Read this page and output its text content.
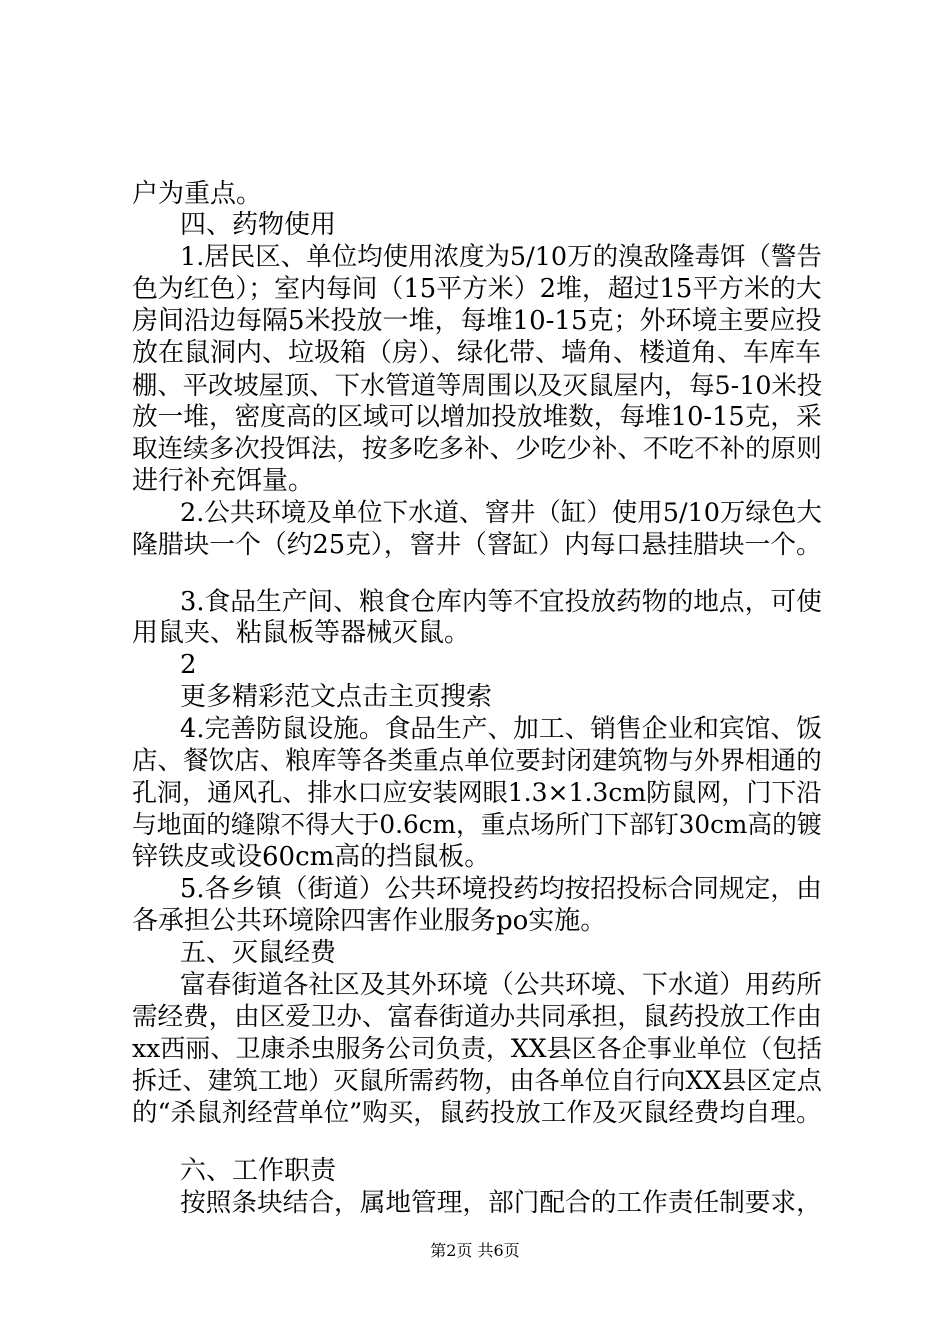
户为重点。
四、药物使用
1.居民区、单位均使用浓度为5/10万的溴敌隆毒饵（警告
色为红色）；室内每间（15平方米）2堆，超过15平方米的大
房间沿边每隔5米投放一堆，每堆10-15克；外环境主要应投
放在鼠洞内、垃圾箱（房）、绿化带、墙角、楼道角、车库车
棚、平改坡屋顶、下水管道等周围以及灭鼠屋内，每5-10米投
放一堆，密度高的区域可以增加投放堆数，每堆10-15克，采
取连续多次投饵法，按多吃多补、少吃少补、不吃不补的原则
进行补充饵量。
2.公共环境及单位下水道、窨井（缸）使用5/10万绿色大
隆腊块一个（约25克），窨井（窨缸）内每口悬挂腊块一个。
3.食品生产间、粮食仓库内等不宜投放药物的地点，可使
用鼠夹、粘鼠板等器械灭鼠。
2
更多精彩范文点击主页搜索
4.完善防鼠设施。食品生产、加工、销售企业和宾馆、饭
店、餐饮店、粮库等各类重点单位要封闭建筑物与外界相通的
孔洞，通风孔、排水口应安装网眼1.3×1.3cm防鼠网，门下沿
与地面的缝隙不得大于0.6cm，重点场所门下部钉30cm高的镀
锌铁皮或设60cm高的挡鼠板。
5.各乡镇（街道）公共环境投药均按招投标合同规定，由
各承担公共环境除四害作业服务po实施。
五、灭鼠经费
富春街道各社区及其外环境（公共环境、下水道）用药所
需经费，由区爱卫办、富春街道办共同承担，鼠药投放工作由
xx西丽、卫康杀虫服务公司负责，XX县区各企事业单位（包括
拆迁、建筑工地）灭鼠所需药物，由各单位自行向XX县区定点
的“杀鼠剂经营单位”购买，鼠药投放工作及灭鼠经费均自理。
六、工作职责
按照条块结合，属地管理，部门配合的工作责任制要求，
第2页 共6页
